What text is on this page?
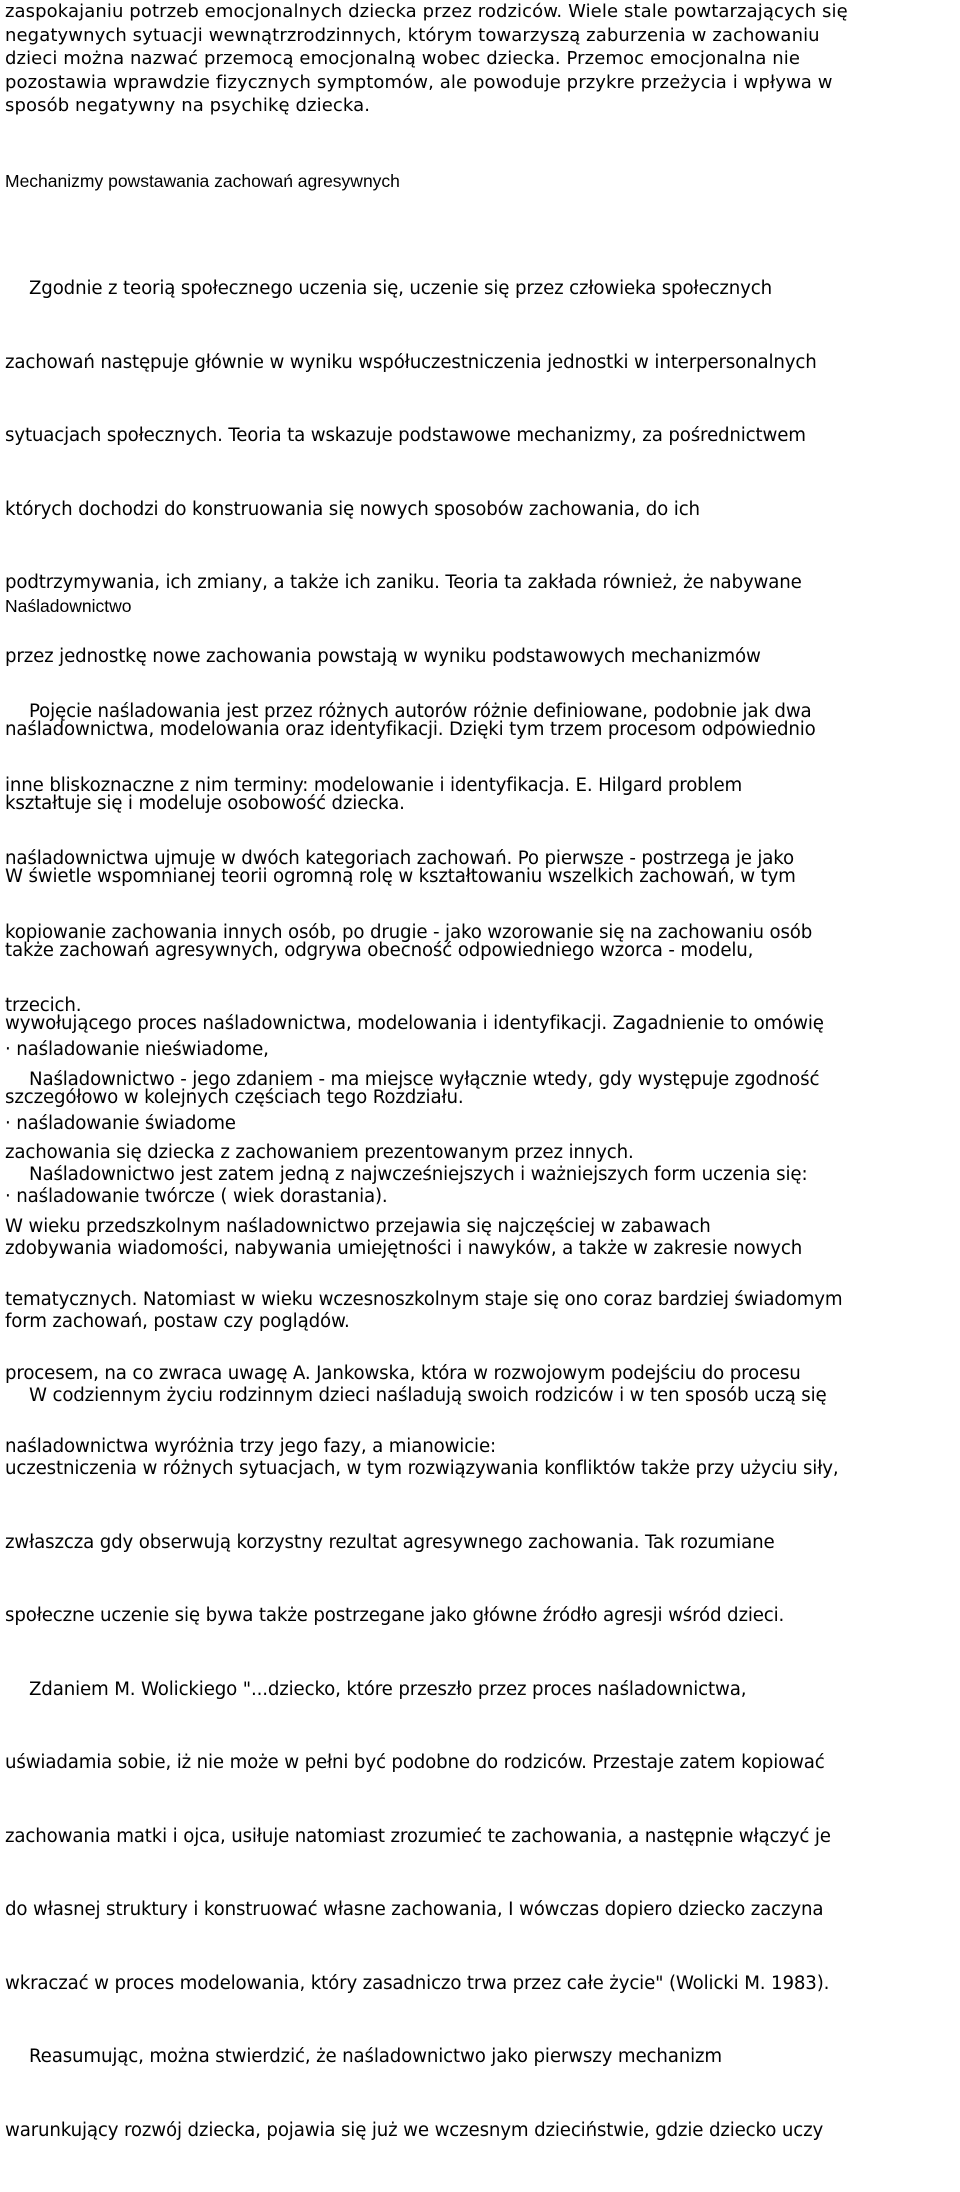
zaspokajaniu potrzeb emocjonalnych dziecka przez rodziców. Wiele stale powtarzających się
negatywnych sytuacji wewnątrzrodzinnych, którym towarzyszą zaburzenia w zachowaniu
dzieci można nazwać przemocą emocjonalną wobec dziecka. Przemoc emocjonalna nie
pozostawia wprawdzie fizycznych symptomów, ale powoduje przykre przeżycia i wpływa w
sposób negatywny na psychikę dziecka.
Mechanizmy powstawania zachowań agresywnych

Zgodnie z teorią społecznego uczenia się, uczenie się przez człowieka społecznych

zachowań następuje głównie w wyniku współuczestniczenia jednostki w interpersonalnych

sytuacjach społecznych. Teoria ta wskazuje podstawowe mechanizmy, za pośrednictwem

których dochodzi do konstruowania się nowych sposobów zachowania, do ich

podtrzymywania, ich zmiany, a także ich zaniku. Teoria ta zakłada również, że nabywane

przez jednostkę nowe zachowania powstają w wyniku podstawowych mechanizmów

naśladownictwa, modelowania oraz identyfikacji. Dzięki tym trzem procesom odpowiednio

kształtuje się i modeluje osobowość dziecka.

W świetle wspomnianej teorii ogromną rolę w kształtowaniu wszelkich zachowań, w tym

także zachowań agresywnych, odgrywa obecność odpowiedniego wzorca - modelu,

wywołującego proces naśladownictwa, modelowania i identyfikacji. Zagadnienie to omówię

szczegółowo w kolejnych częściach tego Rozdziału.

Naśladownictwo

Pojęcie naśladowania jest przez różnych autorów różnie definiowane, podobnie jak dwa

inne bliskoznaczne z nim terminy: modelowanie i identyfikacja. E. Hilgard problem

naśladownictwa ujmuje w dwóch kategoriach zachowań. Po pierwsze - postrzega je jako

kopiowanie zachowania innych osób, po drugie - jako wzorowanie się na zachowaniu osób

trzecich.

Naśladownictwo - jego zdaniem - ma miejsce wyłącznie wtedy, gdy występuje zgodność

zachowania się dziecka z zachowaniem prezentowanym przez innych.

W wieku przedszkolnym naśladownictwo przejawia się najczęściej w zabawach

tematycznych. Natomiast w wieku wczesnoszkolnym staje się ono coraz bardziej świadomym

procesem, na co zwraca uwagę A. Jankowska, która w rozwojowym podejściu do procesu

naśladownictwa wyróżnia trzy jego fazy, a mianowicie:

· naśladowanie nieświadome,

· naśladowanie świadome

· naśladowanie twórcze ( wiek dorastania).

Naśladownictwo jest zatem jedną z najwcześniejszych i ważniejszych form uczenia się:

zdobywania wiadomości, nabywania umiejętności i nawyków, a także w zakresie nowych

form zachowań, postaw czy poglądów.

W codziennym życiu rodzinnym dzieci naśladują swoich rodziców i w ten sposób uczą się

uczestniczenia w różnych sytuacjach, w tym rozwiązywania konfliktów także przy użyciu siły,

zwłaszcza gdy obserwują korzystny rezultat agresywnego zachowania. Tak rozumiane

społeczne uczenie się bywa także postrzegane jako główne źródło agresji wśród dzieci.

Zdaniem M. Wolickiego "...dziecko, które przeszło przez proces naśladownictwa,

uświadamia sobie, iż nie może w pełni być podobne do rodziców. Przestaje zatem kopiować

zachowania matki i ojca, usiłuje natomiast zrozumieć te zachowania, a następnie włączyć je

do własnej struktury i konstruować własne zachowania, I wówczas dopiero dziecko zaczyna

wkraczać w proces modelowania, który zasadniczo trwa przez całe życie" (Wolicki M. 1983).

Reasumując, można stwierdzić, że naśladownictwo jako pierwszy mechanizm

warunkujący rozwój dziecka, pojawia się już we wczesnym dzieciństwie, gdzie dziecko uczy
